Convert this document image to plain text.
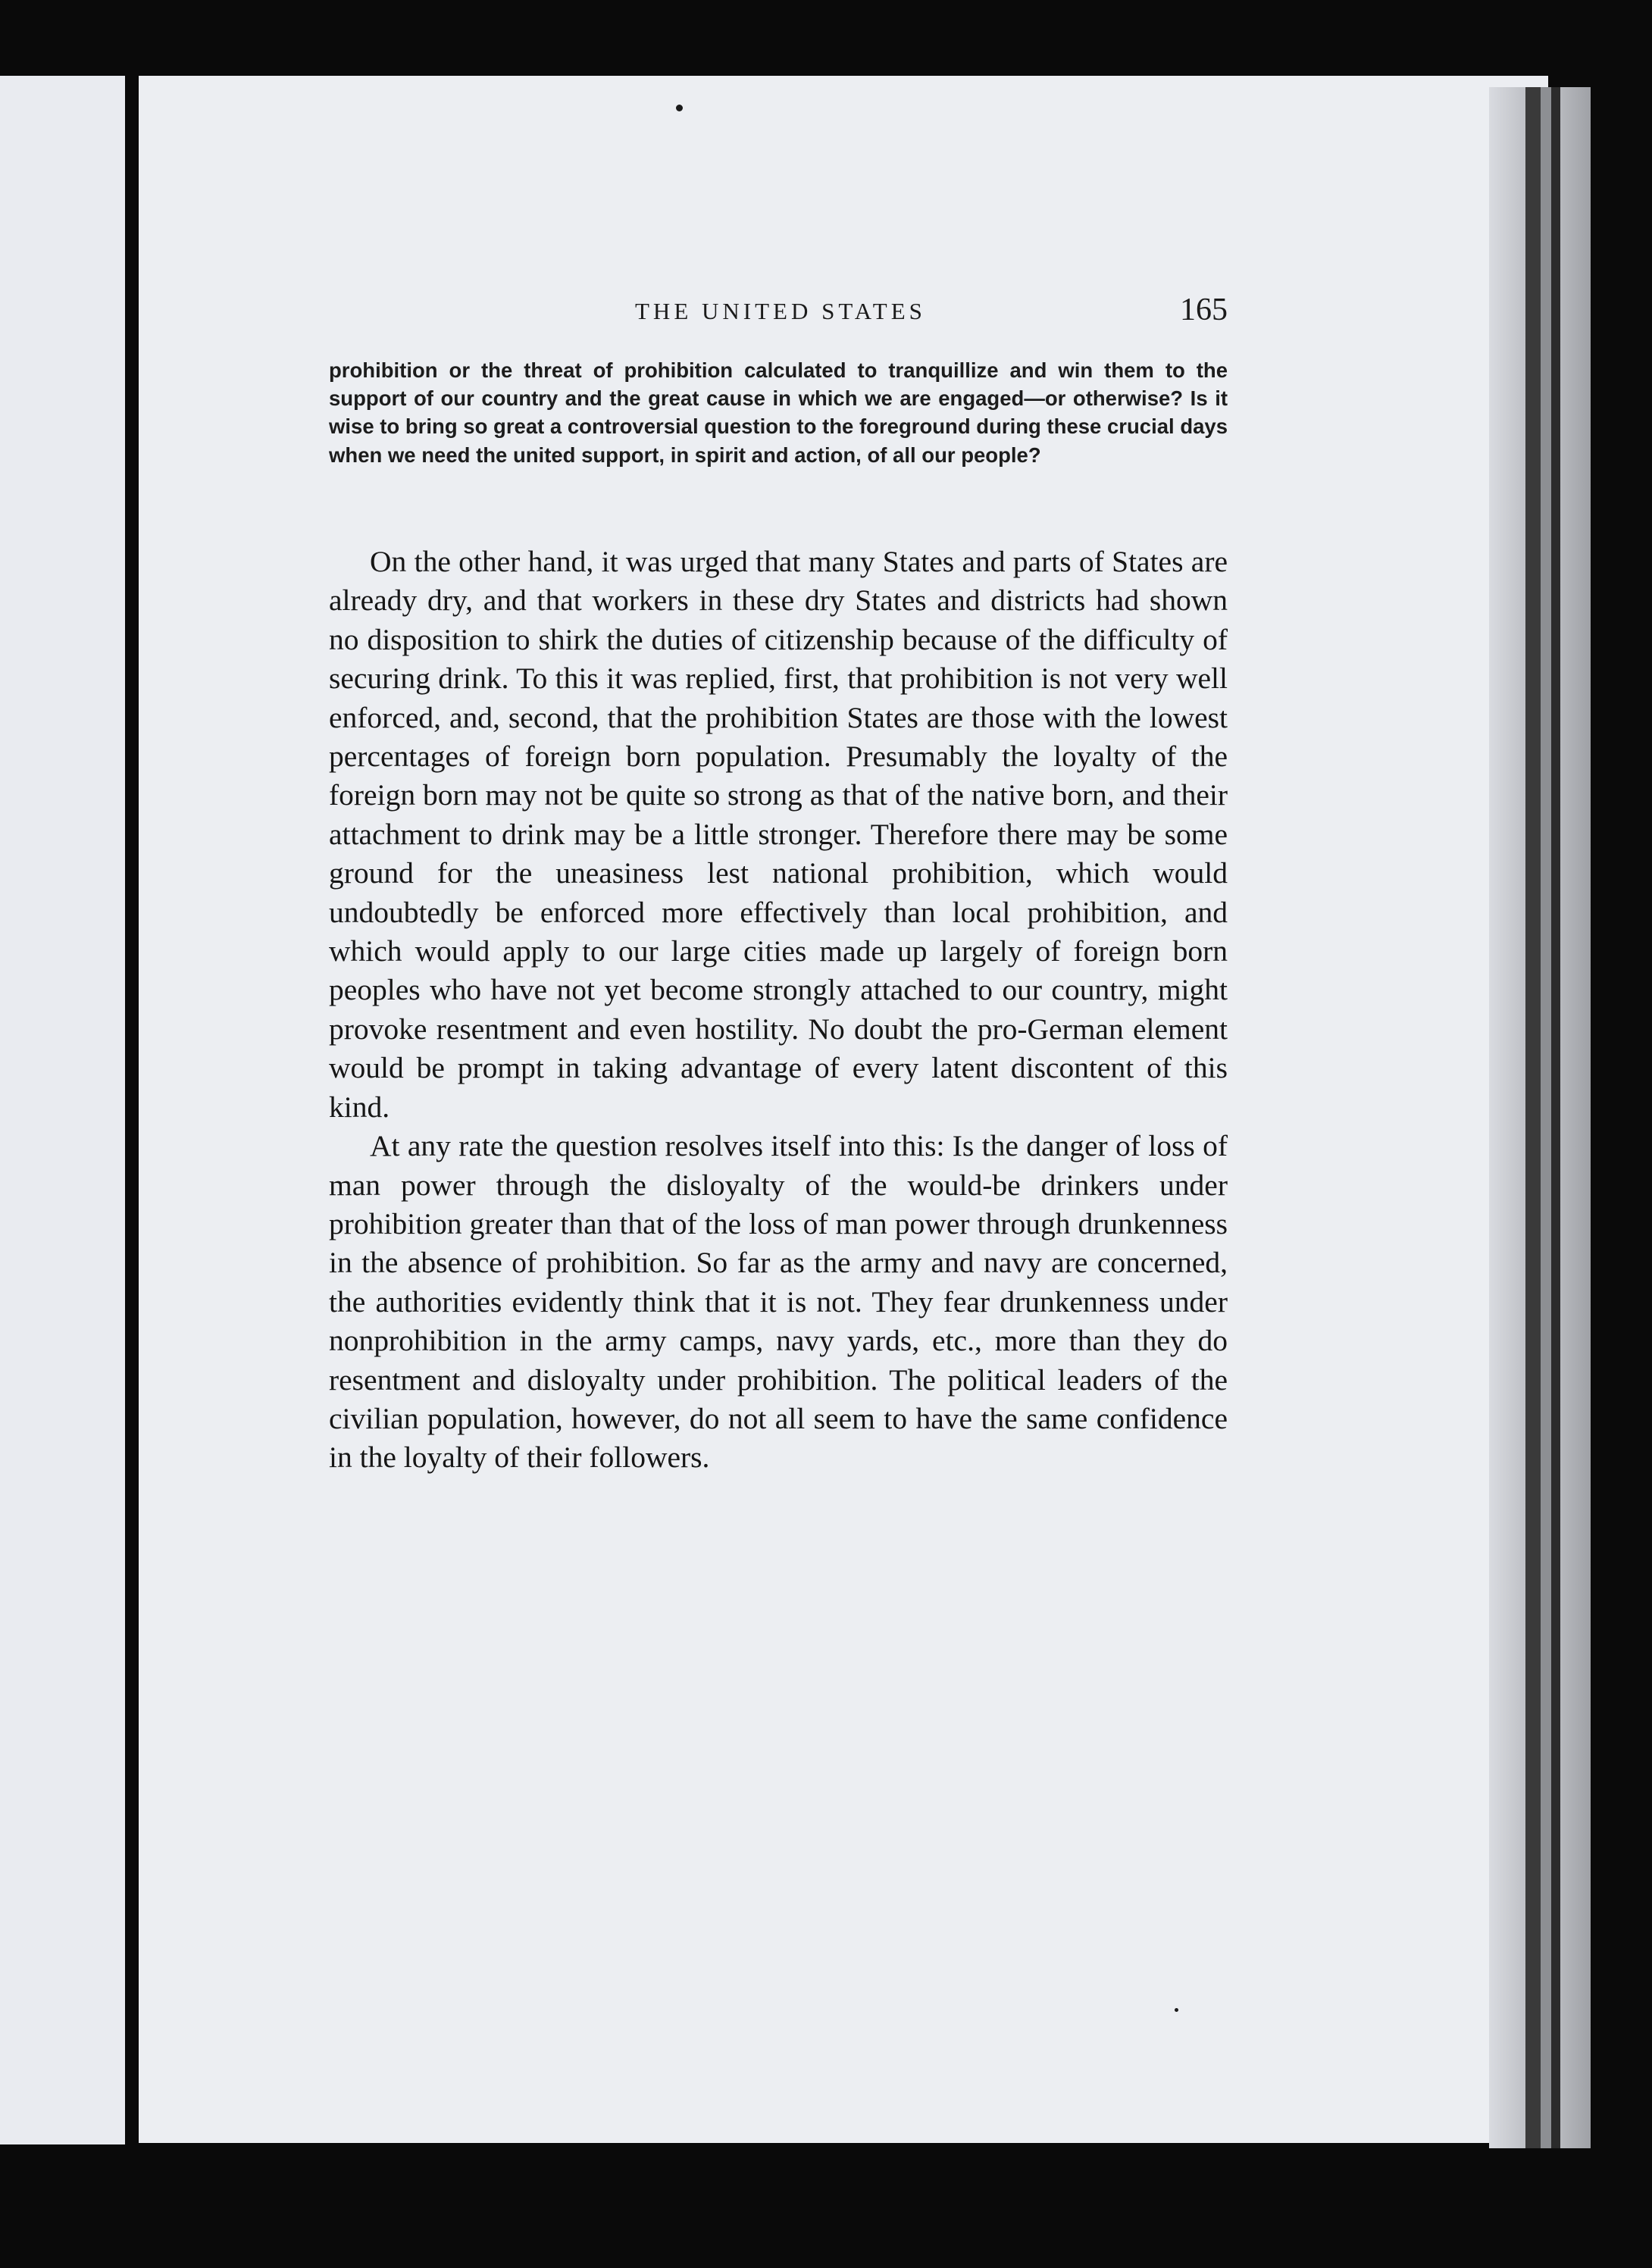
THE UNITED STATES	165
prohibition or the threat of prohibition calculated to tranquillize and win them to the support of our country and the great cause in which we are engaged—or otherwise? Is it wise to bring so great a controversial question to the foreground during these crucial days when we need the united support, in spirit and action, of all our people?

On the other hand, it was urged that many States and parts of States are already dry, and that workers in these dry States and districts had shown no disposition to shirk the duties of citizenship because of the difficulty of securing drink. To this it was replied, first, that prohibition is not very well enforced, and, second, that the prohibition States are those with the lowest percentages of foreign born population. Presumably the loyalty of the foreign born may not be quite so strong as that of the native born, and their attachment to drink may be a little stronger. Therefore there may be some ground for the uneasiness lest national prohibition, which would undoubtedly be enforced more effectively than local prohibition, and which would apply to our large cities made up largely of foreign born peoples who have not yet become strongly attached to our country, might provoke resentment and even hostility. No doubt the pro-German element would be prompt in taking advantage of every latent discontent of this kind.

At any rate the question resolves itself into this: Is the danger of loss of man power through the disloyalty of the would-be drinkers under prohibition greater than that of the loss of man power through drunkenness in the absence of prohibition. So far as the army and navy are concerned, the authorities evidently think that it is not. They fear drunkenness under nonprohibition in the army camps, navy yards, etc., more than they do resentment and disloyalty under prohibition. The political leaders of the civilian population, however, do not all seem to have the same confidence in the loyalty of their followers.
